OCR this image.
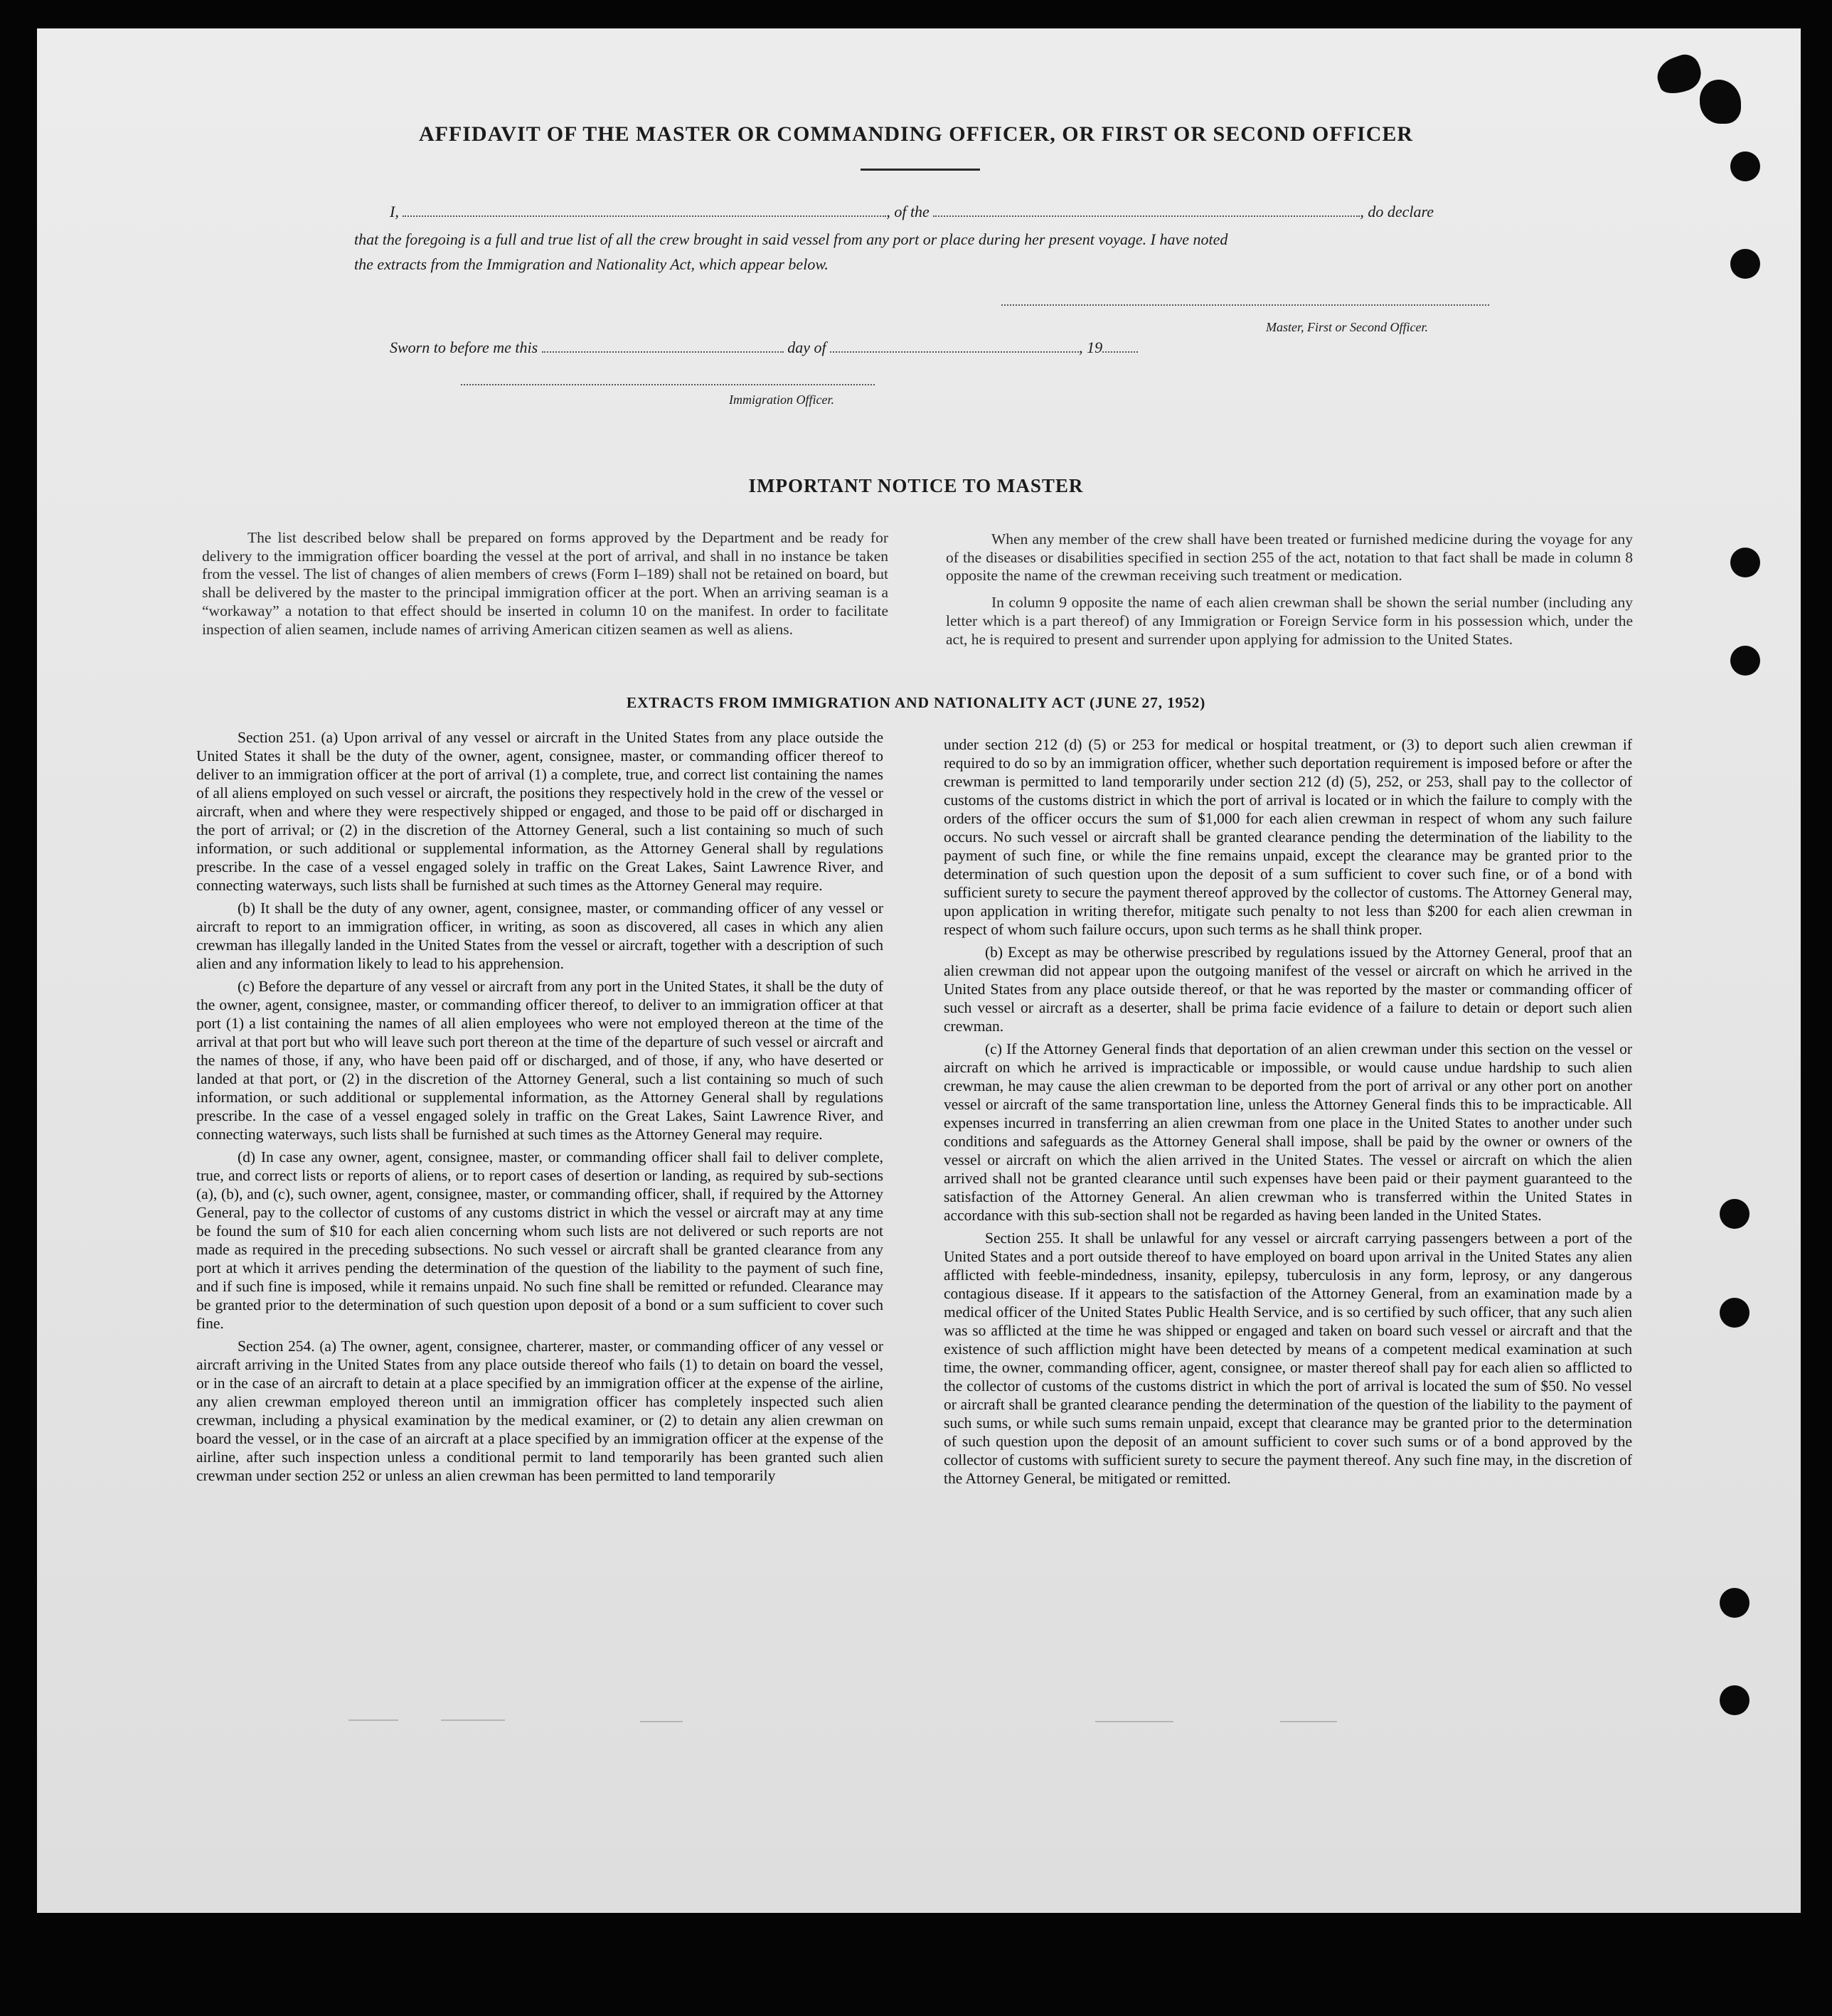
AFFIDAVIT OF THE MASTER OR COMMANDING OFFICER, OR FIRST OR SECOND OFFICER
I,	, of the	, do declare
that the foregoing is a full and true list of all the crew brought in said vessel from any port or place during her present voyage. I have noted
the extracts from the Immigration and Nationality Act, which appear below.
Master, First or Second Officer.
Sworn to before me this	day of	, 19
Immigration Officer.
IMPORTANT NOTICE TO MASTER

The list described below shall be prepared on forms approved by the Department and be ready for delivery to the immigration officer boarding the vessel at the port of arrival, and shall in no instance be taken from the vessel. The list of changes of alien members of crews (Form I–189) shall not be retained on board, but shall be delivered by the master to the principal immigration officer at the port. When an arriving seaman is a “workaway” a notation to that effect should be inserted in column 10 on the manifest. In order to facilitate inspection of alien seamen, include names of arriving American citizen seamen as well as aliens.

When any member of the crew shall have been treated or furnished medicine during the voyage for any of the diseases or disabilities specified in section 255 of the act, notation to that fact shall be made in column 8 opposite the name of the crewman receiving such treatment or medication.

In column 9 opposite the name of each alien crewman shall be shown the serial number (including any letter which is a part thereof) of any Immigration or Foreign Service form in his possession which, under the act, he is required to present and surrender upon applying for admission to the United States.

EXTRACTS FROM IMMIGRATION AND NATIONALITY ACT (JUNE 27, 1952)

Section 251. (a) Upon arrival of any vessel or aircraft in the United States from any place outside the United States it shall be the duty of the owner, agent, consignee, master, or commanding officer thereof to deliver to an immigration officer at the port of arrival (1) a complete, true, and correct list containing the names of all aliens employed on such vessel or aircraft, the positions they respectively hold in the crew of the vessel or aircraft, when and where they were respectively shipped or engaged, and those to be paid off or discharged in the port of arrival; or (2) in the discretion of the Attorney General, such a list containing so much of such information, or such additional or supplemental information, as the Attorney General shall by regulations prescribe. In the case of a vessel engaged solely in traffic on the Great Lakes, Saint Lawrence River, and connecting waterways, such lists shall be furnished at such times as the Attorney General may require.

(b) It shall be the duty of any owner, agent, consignee, master, or commanding officer of any vessel or aircraft to report to an immigration officer, in writing, as soon as discovered, all cases in which any alien crewman has illegally landed in the United States from the vessel or aircraft, together with a description of such alien and any information likely to lead to his apprehension.

(c) Before the departure of any vessel or aircraft from any port in the United States, it shall be the duty of the owner, agent, consignee, master, or commanding officer thereof, to deliver to an immigration officer at that port (1) a list containing the names of all alien employees who were not employed thereon at the time of the arrival at that port but who will leave such port thereon at the time of the departure of such vessel or aircraft and the names of those, if any, who have been paid off or discharged, and of those, if any, who have deserted or landed at that port, or (2) in the discretion of the Attorney General, such a list containing so much of such information, or such additional or supplemental information, as the Attorney General shall by regulations prescribe. In the case of a vessel engaged solely in traffic on the Great Lakes, Saint Lawrence River, and connecting waterways, such lists shall be furnished at such times as the Attorney General may require.

(d) In case any owner, agent, consignee, master, or commanding officer shall fail to deliver complete, true, and correct lists or reports of aliens, or to report cases of desertion or landing, as required by sub-sections (a), (b), and (c), such owner, agent, consignee, master, or commanding officer, shall, if required by the Attorney General, pay to the collector of customs of any customs district in which the vessel or aircraft may at any time be found the sum of $10 for each alien concerning whom such lists are not delivered or such reports are not made as required in the preceding subsections. No such vessel or aircraft shall be granted clearance from any port at which it arrives pending the determination of the question of the liability to the payment of such fine, and if such fine is imposed, while it remains unpaid. No such fine shall be remitted or refunded. Clearance may be granted prior to the determination of such question upon deposit of a bond or a sum sufficient to cover such fine.

Section 254. (a) The owner, agent, consignee, charterer, master, or commanding officer of any vessel or aircraft arriving in the United States from any place outside thereof who fails (1) to detain on board the vessel, or in the case of an aircraft to detain at a place specified by an immigration officer at the expense of the airline, any alien crewman employed thereon until an immigration officer has completely inspected such alien crewman, including a physical examination by the medical examiner, or (2) to detain any alien crewman on board the vessel, or in the case of an aircraft at a place specified by an immigration officer at the expense of the airline, after such inspection unless a conditional permit to land temporarily has been granted such alien crewman under section 252 or unless an alien crewman has been permitted to land temporarily

under section 212 (d) (5) or 253 for medical or hospital treatment, or (3) to deport such alien crewman if required to do so by an immigration officer, whether such deportation requirement is imposed before or after the crewman is permitted to land temporarily under section 212 (d) (5), 252, or 253, shall pay to the collector of customs of the customs district in which the port of arrival is located or in which the failure to comply with the orders of the officer occurs the sum of $1,000 for each alien crewman in respect of whom any such failure occurs. No such vessel or aircraft shall be granted clearance pending the determination of the liability to the payment of such fine, or while the fine remains unpaid, except the clearance may be granted prior to the determination of such question upon the deposit of a sum sufficient to cover such fine, or of a bond with sufficient surety to secure the payment thereof approved by the collector of customs. The Attorney General may, upon application in writing therefor, mitigate such penalty to not less than $200 for each alien crewman in respect of whom such failure occurs, upon such terms as he shall think proper.

(b) Except as may be otherwise prescribed by regulations issued by the Attorney General, proof that an alien crewman did not appear upon the outgoing manifest of the vessel or aircraft on which he arrived in the United States from any place outside thereof, or that he was reported by the master or commanding officer of such vessel or aircraft as a deserter, shall be prima facie evidence of a failure to detain or deport such alien crewman.

(c) If the Attorney General finds that deportation of an alien crewman under this section on the vessel or aircraft on which he arrived is impracticable or impossible, or would cause undue hardship to such alien crewman, he may cause the alien crewman to be deported from the port of arrival or any other port on another vessel or aircraft of the same transportation line, unless the Attorney General finds this to be impracticable. All expenses incurred in transferring an alien crewman from one place in the United States to another under such conditions and safeguards as the Attorney General shall impose, shall be paid by the owner or owners of the vessel or aircraft on which the alien arrived in the United States. The vessel or aircraft on which the alien arrived shall not be granted clearance until such expenses have been paid or their payment guaranteed to the satisfaction of the Attorney General. An alien crewman who is transferred within the United States in accordance with this sub-section shall not be regarded as having been landed in the United States.

Section 255. It shall be unlawful for any vessel or aircraft carrying passengers between a port of the United States and a port outside thereof to have employed on board upon arrival in the United States any alien afflicted with feeble-mindedness, insanity, epilepsy, tuberculosis in any form, leprosy, or any dangerous contagious disease. If it appears to the satisfaction of the Attorney General, from an examination made by a medical officer of the United States Public Health Service, and is so certified by such officer, that any such alien was so afflicted at the time he was shipped or engaged and taken on board such vessel or aircraft and that the existence of such affliction might have been detected by means of a competent medical examination at such time, the owner, commanding officer, agent, consignee, or master thereof shall pay for each alien so afflicted to the collector of customs of the customs district in which the port of arrival is located the sum of $50. No vessel or aircraft shall be granted clearance pending the determination of the question of the liability to the payment of such sums, or while such sums remain unpaid, except that clearance may be granted prior to the determination of such question upon the deposit of an amount sufficient to cover such sums or of a bond approved by the collector of customs with sufficient surety to secure the payment thereof. Any such fine may, in the discretion of the Attorney General, be mitigated or remitted.
